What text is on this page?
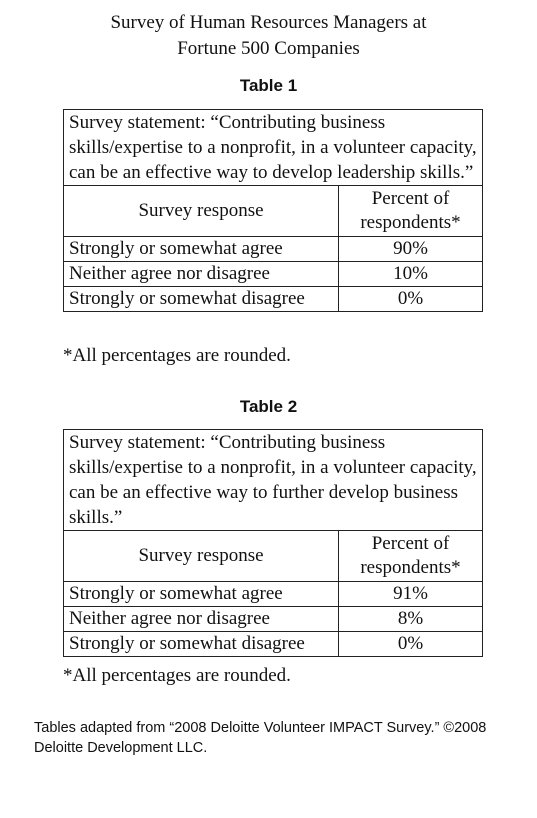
Survey of Human Resources Managers at
Fortune 500 Companies
Table 1
Survey statement: “Contributing business skills/expertise to a nonprofit, in a volunteer capacity, can be an effective way to develop leadership skills.”	
Survey response	Percent of
respondents*

Strongly or somewhat agree	90%
Neither agree nor disagree	10%
Strongly or somewhat disagree	0%
*All percentages are rounded.
Table 2
Survey statement: “Contributing business skills/expertise to a nonprofit, in a volunteer capacity, can be an effective way to further develop business skills.”	
Survey response	Percent of
respondents*

Strongly or somewhat agree	91%
Neither agree nor disagree	8%
Strongly or somewhat disagree	0%
*All percentages are rounded.
Tables adapted from “2008 Deloitte Volunteer IMPACT Survey.” ©2008 Deloitte Development LLC.
